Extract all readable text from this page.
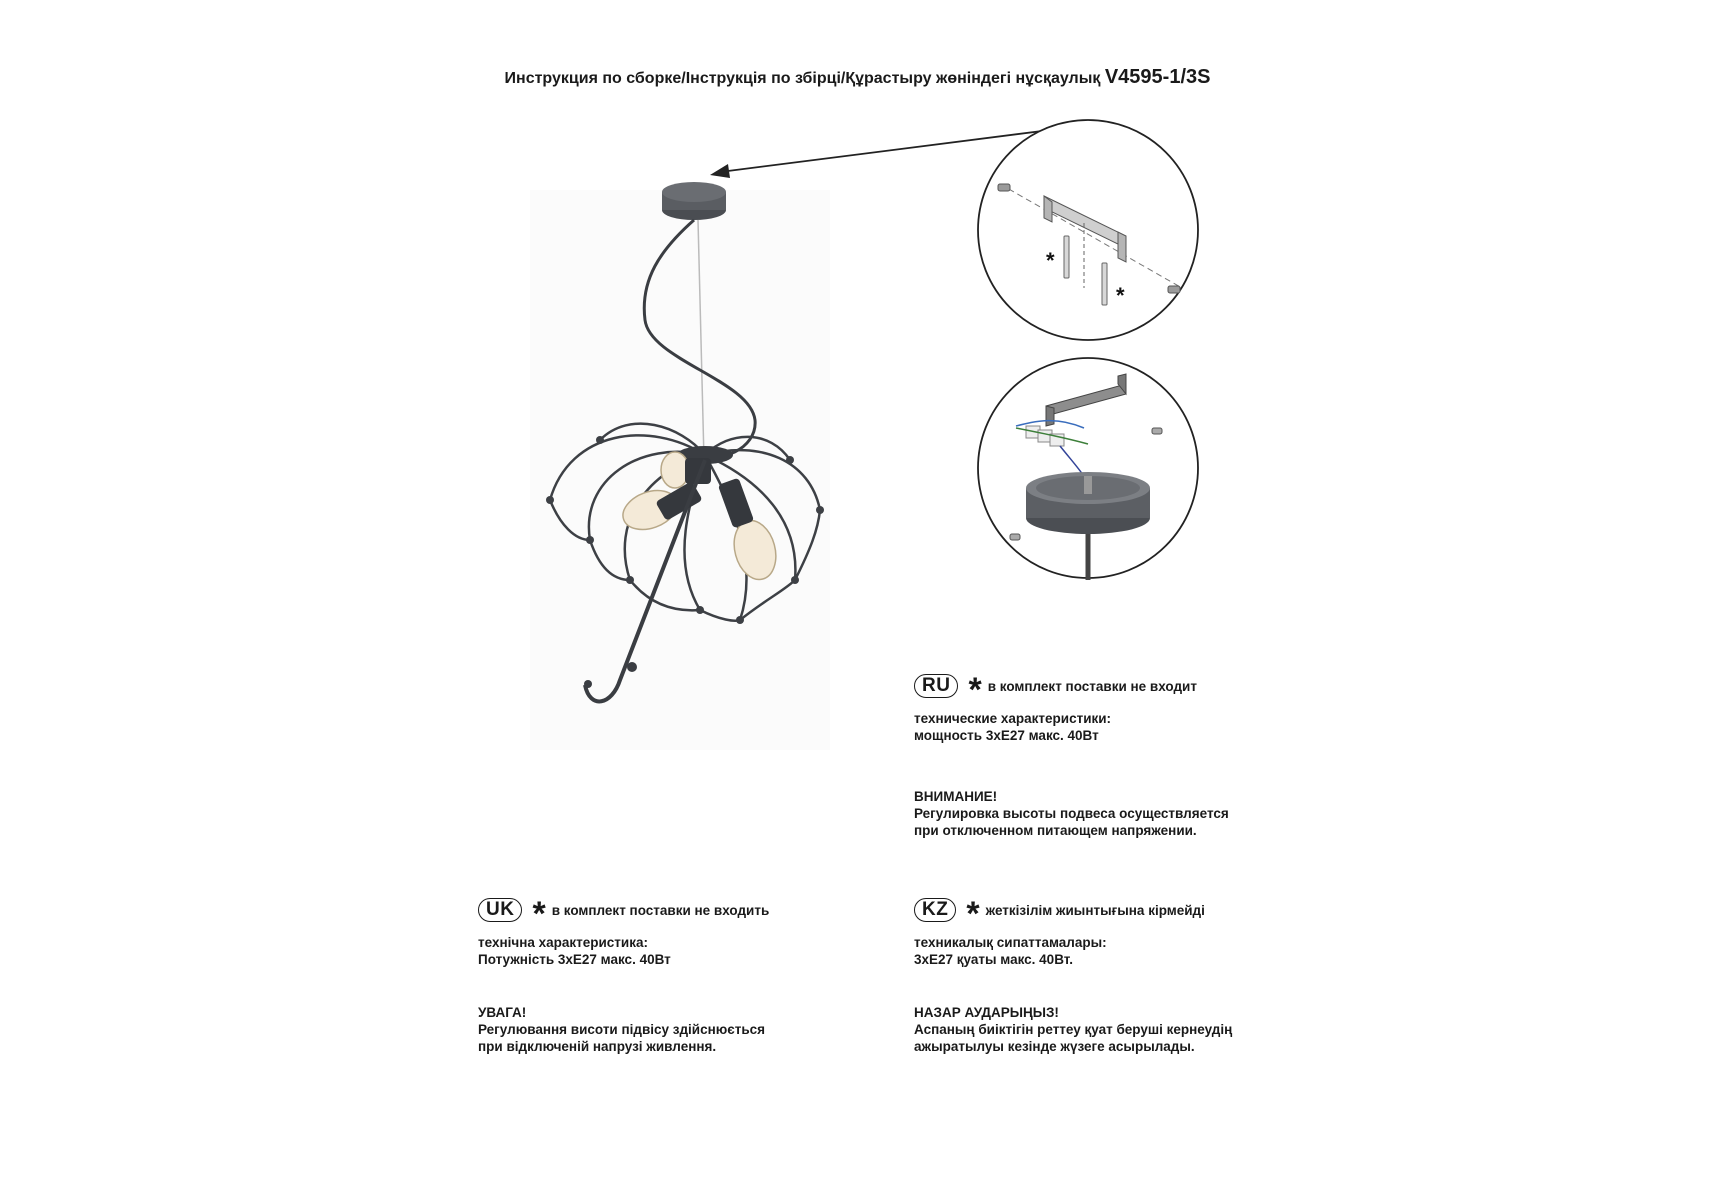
Инструкция по сборке/Інструкція по збірці/Құрастыру жөніндегі нұсқаулық V4595-1/3S
*
*
RU * в комплект поставки не входит
технические характеристики:
мощность 3хЕ27 макс. 40Вт
ВНИМАНИЕ!
Регулировка высоты подвеса осуществляется
при отключенном питающем напряжении.
UK * в комплект поставки не входить
технічна характеристика:
Потужність 3хЕ27 макс. 40Вт
УВАГА!
Регулювання висоти підвісу здійснюється
при відключеній напрузі живлення.
KZ * жеткізілім жиынтығына кірмейді
техникалық сипаттамалары:
3хЕ27 қуаты макс. 40Вт.
НАЗАР АУДАРЫҢЫЗ!
Аспаның биіктігін реттеу қуат беруші кернеудің
ажыратылуы кезінде жүзеге асырылады.
